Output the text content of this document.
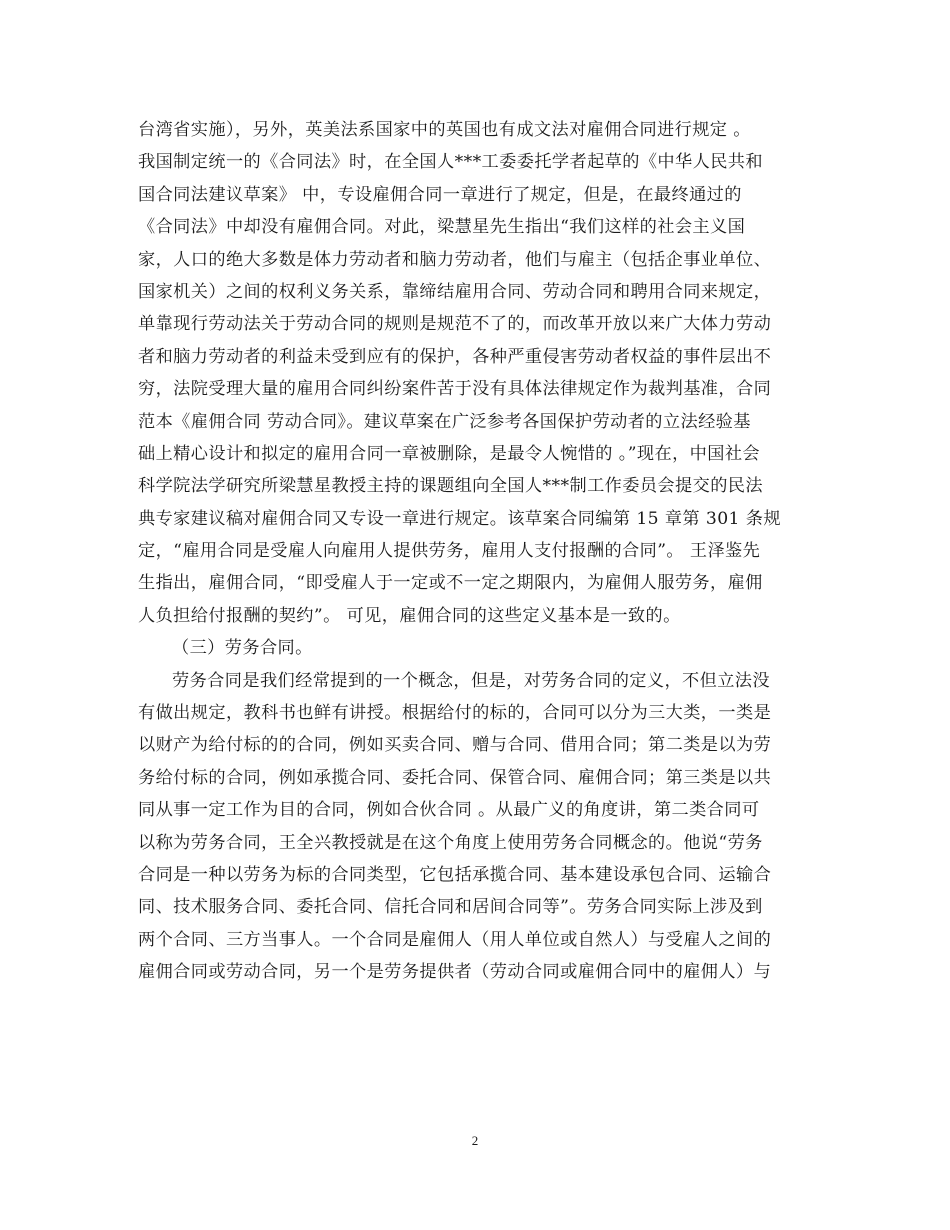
台湾省实施），另外，英美法系国家中的英国也有成文法对雇佣合同进行规定 。
我国制定统一的《合同法》时，在全国人***工委委托学者起草的《中华人民共和
国合同法建议草案》 中，专设雇佣合同一章进行了规定，但是，在最终通过的
《合同法》中却没有雇佣合同。对此，梁慧星先生指出“我们这样的社会主义国
家，人口的绝大多数是体力劳动者和脑力劳动者，他们与雇主（包括企事业单位、
国家机关）之间的权利义务关系，靠缔结雇用合同、劳动合同和聘用合同来规定，
单靠现行劳动法关于劳动合同的规则是规范不了的，而改革开放以来广大体力劳动
者和脑力劳动者的利益未受到应有的保护，各种严重侵害劳动者权益的事件层出不
穷，法院受理大量的雇用合同纠纷案件苦于没有具体法律规定作为裁判基准，合同
范本《雇佣合同 劳动合同》。建议草案在广泛参考各国保护劳动者的立法经验基
础上精心设计和拟定的雇用合同一章被删除，是最令人惋惜的 。”现在，中国社会
科学院法学研究所梁慧星教授主持的课题组向全国人***制工作委员会提交的民法
典专家建议稿对雇佣合同又专设一章进行规定。该草案合同编第 15 章第 301 条规
定，“雇用合同是受雇人向雇用人提供劳务，雇用人支付报酬的合同”。 王泽鉴先
生指出，雇佣合同，“即受雇人于一定或不一定之期限内，为雇佣人服劳务，雇佣
人负担给付报酬的契约”。 可见，雇佣合同的这些定义基本是一致的。
（三）劳务合同。
劳务合同是我们经常提到的一个概念，但是，对劳务合同的定义，不但立法没
有做出规定，教科书也鲜有讲授。根据给付的标的，合同可以分为三大类，一类是
以财产为给付标的的合同，例如买卖合同、赠与合同、借用合同；第二类是以为劳
务给付标的合同，例如承揽合同、委托合同、保管合同、雇佣合同；第三类是以共
同从事一定工作为目的合同，例如合伙合同 。从最广义的角度讲，第二类合同可
以称为劳务合同，王全兴教授就是在这个角度上使用劳务合同概念的。他说“劳务
合同是一种以劳务为标的合同类型，它包括承揽合同、基本建设承包合同、运输合
同、技术服务合同、委托合同、信托合同和居间合同等”。劳务合同实际上涉及到
两个合同、三方当事人。一个合同是雇佣人（用人单位或自然人）与受雇人之间的
雇佣合同或劳动合同，另一个是劳务提供者（劳动合同或雇佣合同中的雇佣人）与
2
